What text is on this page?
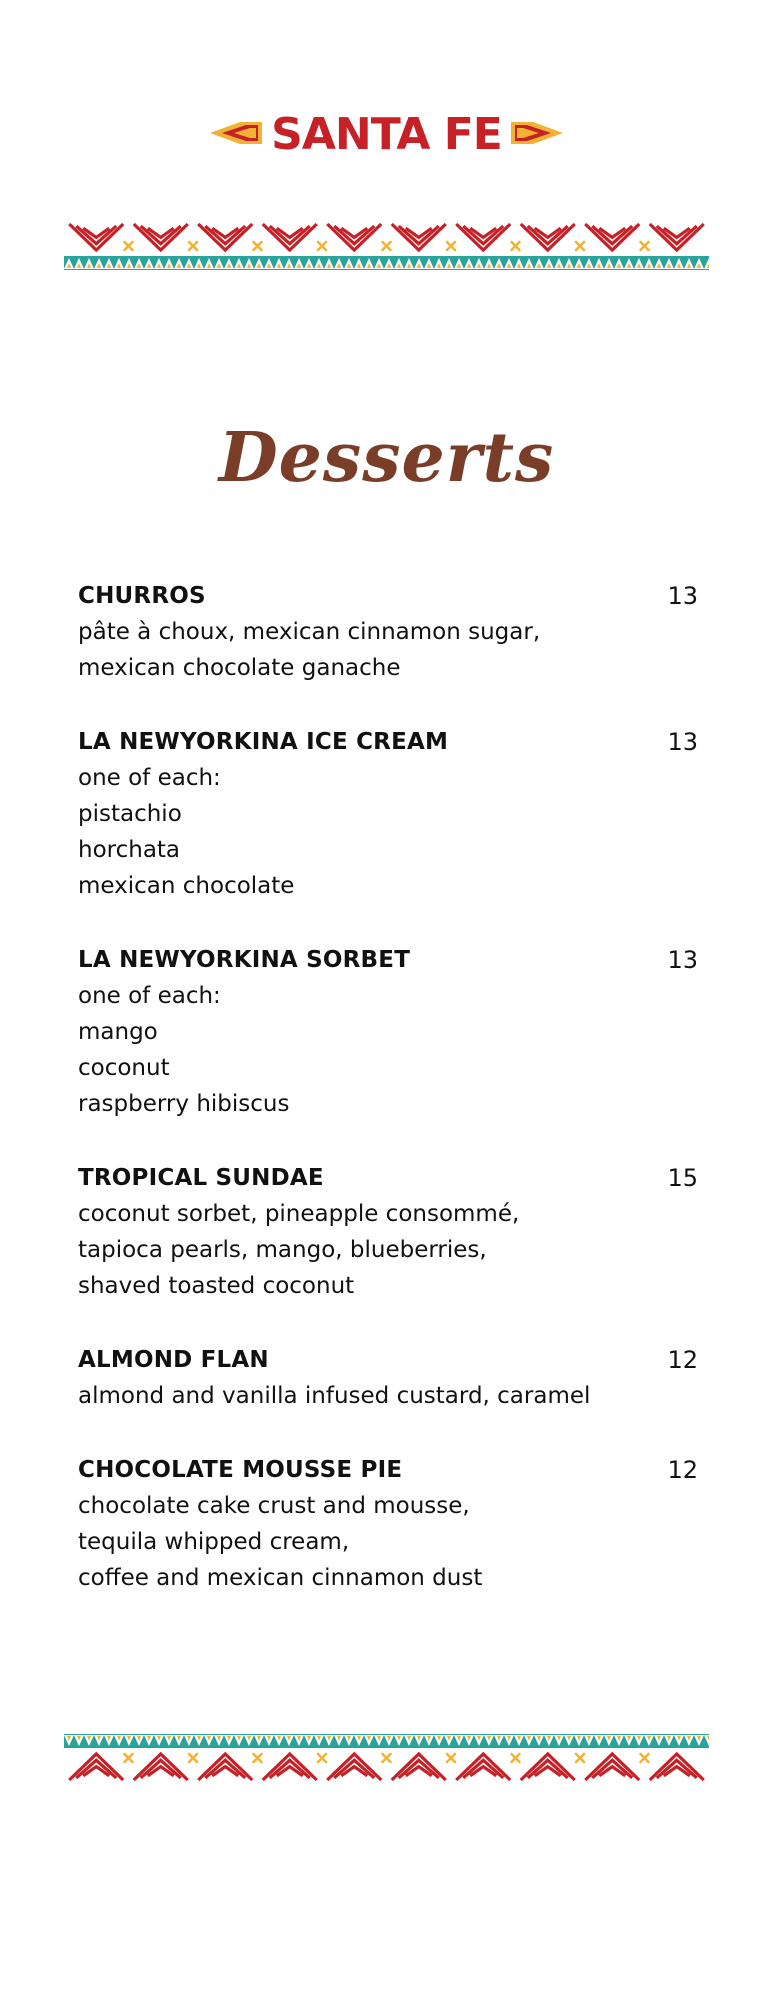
SANTA FE
Desserts
CHURROS	13
pâte à choux, mexican cinnamon sugar,
mexican chocolate ganache
LA NEWYORKINA ICE CREAM	13
one of each:
pistachio
horchata
mexican chocolate
LA NEWYORKINA SORBET	13
one of each:
mango
coconut
raspberry hibiscus
TROPICAL SUNDAE	15
coconut sorbet, pineapple consommé,
tapioca pearls, mango, blueberries,
shaved toasted coconut
ALMOND FLAN	12
almond and vanilla infused custard, caramel
CHOCOLATE MOUSSE PIE	12
chocolate cake crust and mousse,
tequila whipped cream,
coffee and mexican cinnamon dust
